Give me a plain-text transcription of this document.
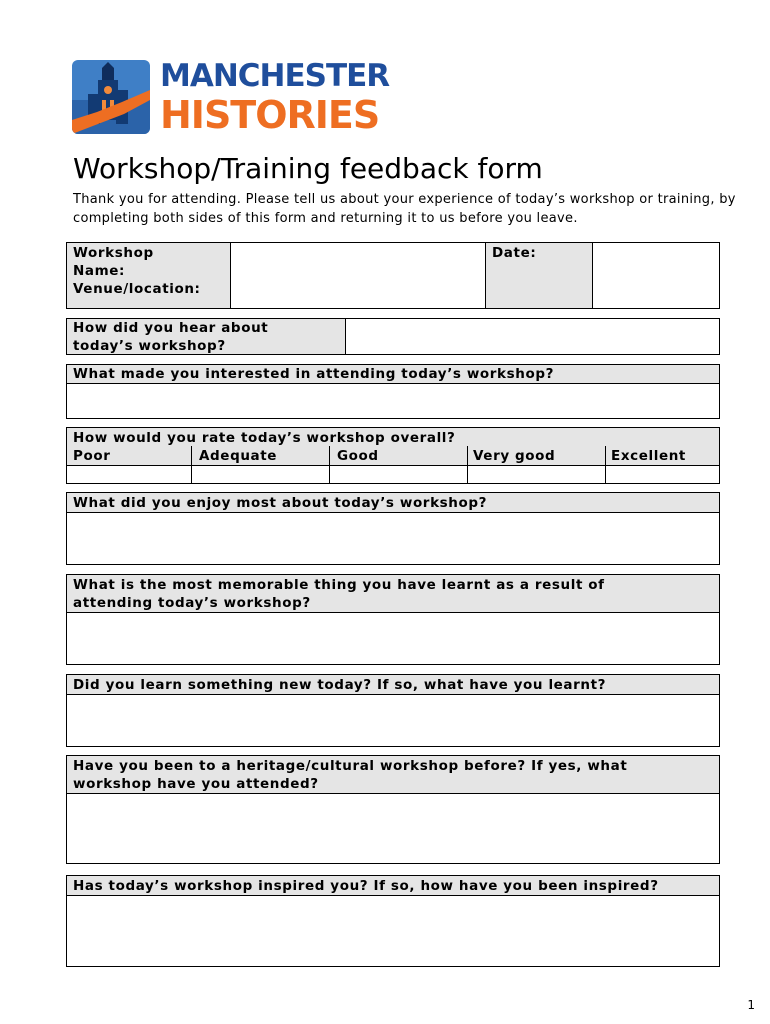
MANCHESTER
HISTORIES
Workshop/Training feedback form
Thank you for attending. Please tell us about your experience of today’s workshop or training, by completing both sides of this form and returning it to us before you leave.
Workshop
Name:
Venue/location:
Date:
How did you hear about
today’s workshop?
What made you interested in attending today’s workshop?
How would you rate today’s workshop overall?
Poor	Adequate	Good	Very good	Excellent
What did you enjoy most about today’s workshop?
What is the most memorable thing you have learnt as a result of
attending today’s workshop?
Did you learn something new today? If so, what have you learnt?
Have you been to a heritage/cultural workshop before? If yes, what
workshop have you attended?
Has today’s workshop inspired you? If so, how have you been inspired?
1
